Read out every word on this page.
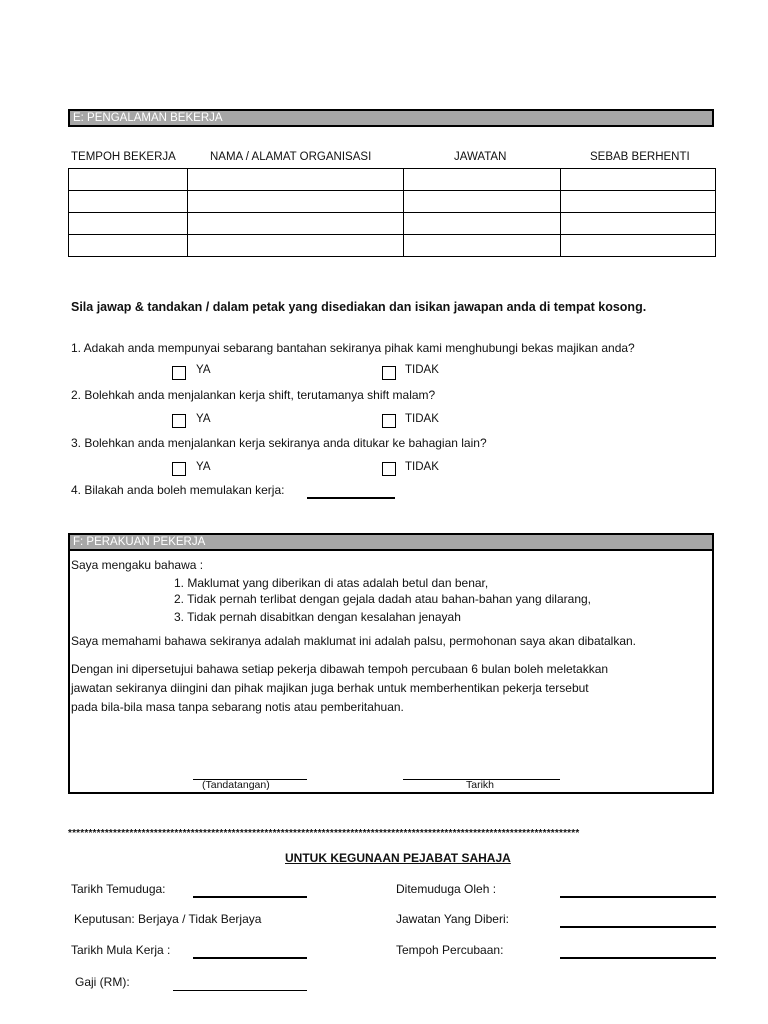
E: PENGALAMAN BEKERJA
TEMPOH BEKERJA	NAMA / ALAMAT ORGANISASI	JAWATAN	SEBAB BERHENTI

Sila jawap & tandakan / dalam petak yang disediakan dan isikan jawapan anda di tempat kosong.
1. Adakah anda mempunyai sebarang bantahan sekiranya pihak kami menghubungi bekas majikan anda?
YA	TIDAK
2. Bolehkah anda menjalankan kerja shift, terutamanya shift malam?
YA	TIDAK
3. Bolehkan anda menjalankan kerja sekiranya anda ditukar ke bahagian lain?
YA	TIDAK
4. Bilakah anda boleh memulakan kerja:
F: PERAKUAN PEKERJA
Saya mengaku bahawa :
1. Maklumat yang diberikan di atas adalah betul dan benar,
2. Tidak pernah terlibat dengan gejala dadah atau bahan-bahan yang dilarang,
3. Tidak pernah disabitkan dengan kesalahan jenayah
Saya memahami bahawa sekiranya adalah maklumat ini adalah palsu, permohonan saya akan dibatalkan.
Dengan ini dipersetujui bahawa setiap pekerja dibawah tempoh percubaan 6 bulan boleh meletakkan
jawatan sekiranya diingini dan pihak majikan juga berhak untuk memberhentikan pekerja tersebut
pada bila-bila masa tanpa sebarang notis atau pemberitahuan.
(Tandatangan)	Tarikh
*****************************************************************************************************************************
UNTUK KEGUNAAN PEJABAT SAHAJA
Tarikh Temuduga:	Ditemuduga Oleh :
Keputusan: Berjaya / Tidak Berjaya	Jawatan Yang Diberi:
Tarikh Mula Kerja :	Tempoh Percubaan:
Gaji (RM):
